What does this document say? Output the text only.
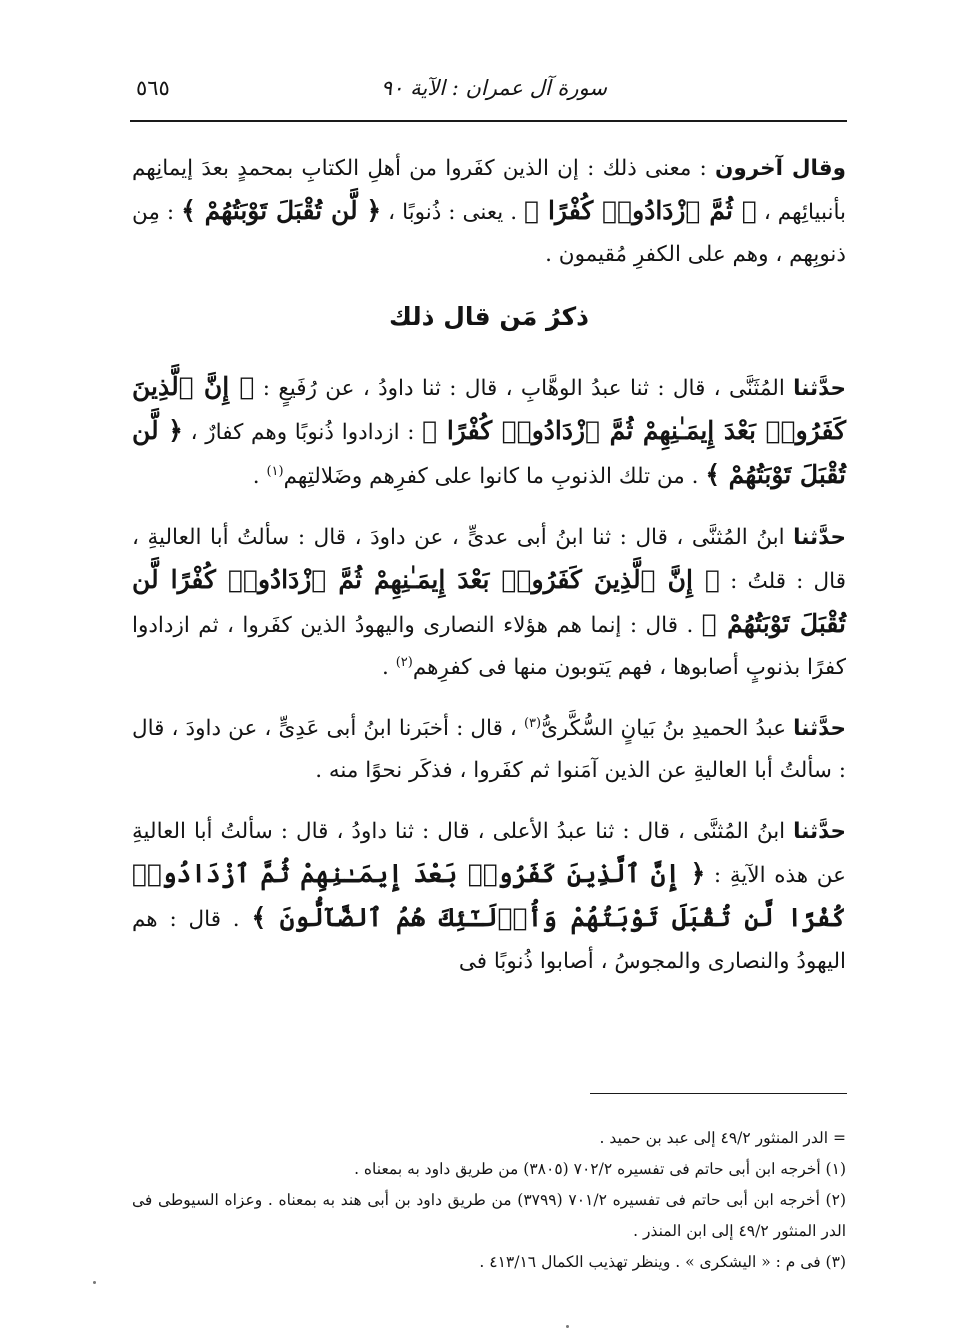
سورة آل عمران : الآية ٩٠
٥٦٥

وقال آخرون : معنى ذلك : إن الذين كفَروا من أهلِ الكتابِ بمحمدٍ بعدَ إيمانِهم بأنبيائِهم ، ﴿ ثُمَّ ٱزْدَادُوا۟ كُفْرًا ﴾ . يعنى : ذُنوبًا ، ﴿ لَّن تُقْبَلَ تَوْبَتُهُمْ ﴾ : مِن ذنوبِهم ، وهم على الكفرِ مُقيمون .

ذكرُ مَن قال ذلك

حدَّثنا المُثَنَّى ، قال : ثنا عبدُ الوهَّابِ ، قال : ثنا داودُ ، عن رُفَيعٍ : ﴿ إِنَّ ٱلَّذِينَ كَفَرُوا۟ بَعْدَ إِيمَـٰنِهِمْ ثُمَّ ٱزْدَادُوا۟ كُفْرًا ﴾ : ازدادوا ذُنوبًا وهم كفارٌ ، ﴿ لَّن تُقْبَلَ تَوْبَتُهُمْ ﴾ . من تلك الذنوبِ ما كانوا على كفرِهم وضَلالتِهم$^{(١)}$ .

حدَّثنا ابنُ المُثنَّى ، قال : ثنا ابنُ أبى عدىٍّ ، عن داودَ ، قال : سألتُ أبا العاليةِ ، قال : قلتُ : ﴿ إِنَّ ٱلَّذِينَ كَفَرُوا۟ بَعْدَ إِيمَـٰنِهِمْ ثُمَّ ٱزْدَادُوا۟ كُفْرًا لَّن تُقْبَلَ تَوْبَتُهُمْ ﴾ . قال : إنما هم هؤلاء النصارى واليهودُ الذين كفَروا ، ثم ازدادوا كفرًا بذنوبٍ أصابوها ، فهم يَتوبون منها فى كفرِهم$^{(٢)}$ .

حدَّثنا عبدُ الحميدِ بنُ بَيانٍ السُّكَّرىُّ$^{(٣)}$ ، قال : أخبَرنا ابنُ أبى عَدِىٍّ ، عن داودَ ، قال : سألتُ أبا العاليةِ عن الذين آمَنوا ثم كفَروا ، فذكَر نحوًا منه .

حدَّثنا ابنُ المُثنَّى ، قال : ثنا عبدُ الأعلى ، قال : ثنا داودُ ، قال : سألتُ أبا العاليةِ عن هذه الآيةِ : ﴿ إِنَّ ٱلَّذِينَ كَفَرُوا۟ بَعْدَ إِيمَـٰنِهِمْ ثُمَّ ٱزْدَادُوا۟ كُفْرًا لَّن تُقْبَلَ تَوْبَتُهُمْ وَأُو۟لَـٰٓئِكَ هُمُ ٱلضَّآلُّونَ ﴾ . قال : هم اليهودُ والنصارى والمجوسُ ، أصابوا ذُنوبًا فى

= الدر المنثور ٢/‏٤٩ إلى عبد بن حميد .

(١) أخرجه ابن أبى حاتم فى تفسيره ٢/‏٧٠٢ (٣٨٠٥) من طريق داود به بمعناه .

(٢) أخرجه ابن أبى حاتم فى تفسيره ٢/‏٧٠١ (٣٧٩٩) من طريق داود بن أبى هند به بمعناه . وعزاه السيوطى فى الدر المنثور ٢/‏٤٩ إلى ابن المنذر .

(٣) فى م : « اليشكرى » . وينظر تهذيب الكمال ١٦/‏٤١٣ .
